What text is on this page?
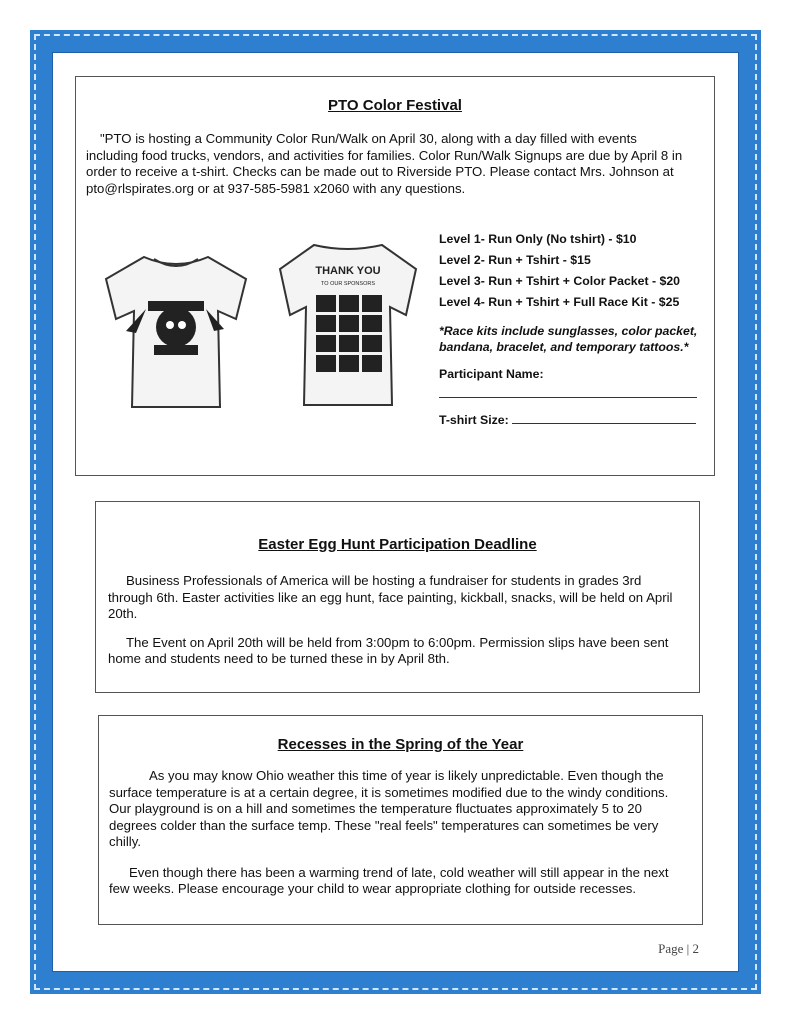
PTO Color Festival

"PTO is hosting a Community Color Run/Walk on April 30, along with a day filled with events including food trucks, vendors, and activities for families. Color Run/Walk Signups are due by April 8 in order to receive a t-shirt. Checks can be made out to Riverside PTO. Please contact Mrs. Johnson at pto@rlspirates.org or at 937-585-5981 x2060 with any questions.

THANK YOU
TO OUR SPONSORS
Level 1- Run Only (No tshirt) - $10
Level 2- Run + Tshirt - $15
Level 3- Run + Tshirt + Color Packet - $20
Level 4- Run + Tshirt + Full Race Kit - $25
*Race kits include sunglasses, color packet, bandana, bracelet, and temporary tattoos.*
Participant Name:
T-shirt Size:
Easter Egg Hunt Participation Deadline

Business Professionals of America will be hosting a fundraiser for students in grades 3rd through 6th. Easter activities like an egg hunt, face painting, kickball, snacks, will be held on April 20th.

The Event on April 20th will be held from 3:00pm to 6:00pm. Permission slips have been sent home and students need to be turned these in by April 8th.

Recesses in the Spring of the Year

As you may know Ohio weather this time of year is likely unpredictable. Even though the surface temperature is at a certain degree, it is sometimes modified due to the windy conditions. Our playground is on a hill and sometimes the temperature fluctuates approximately 5 to 20 degrees colder than the surface temp. These "real feels" temperatures can sometimes be very chilly.

Even though there has been a warming trend of late, cold weather will still appear in the next few weeks. Please encourage your child to wear appropriate clothing for outside recesses.

Page | 2
